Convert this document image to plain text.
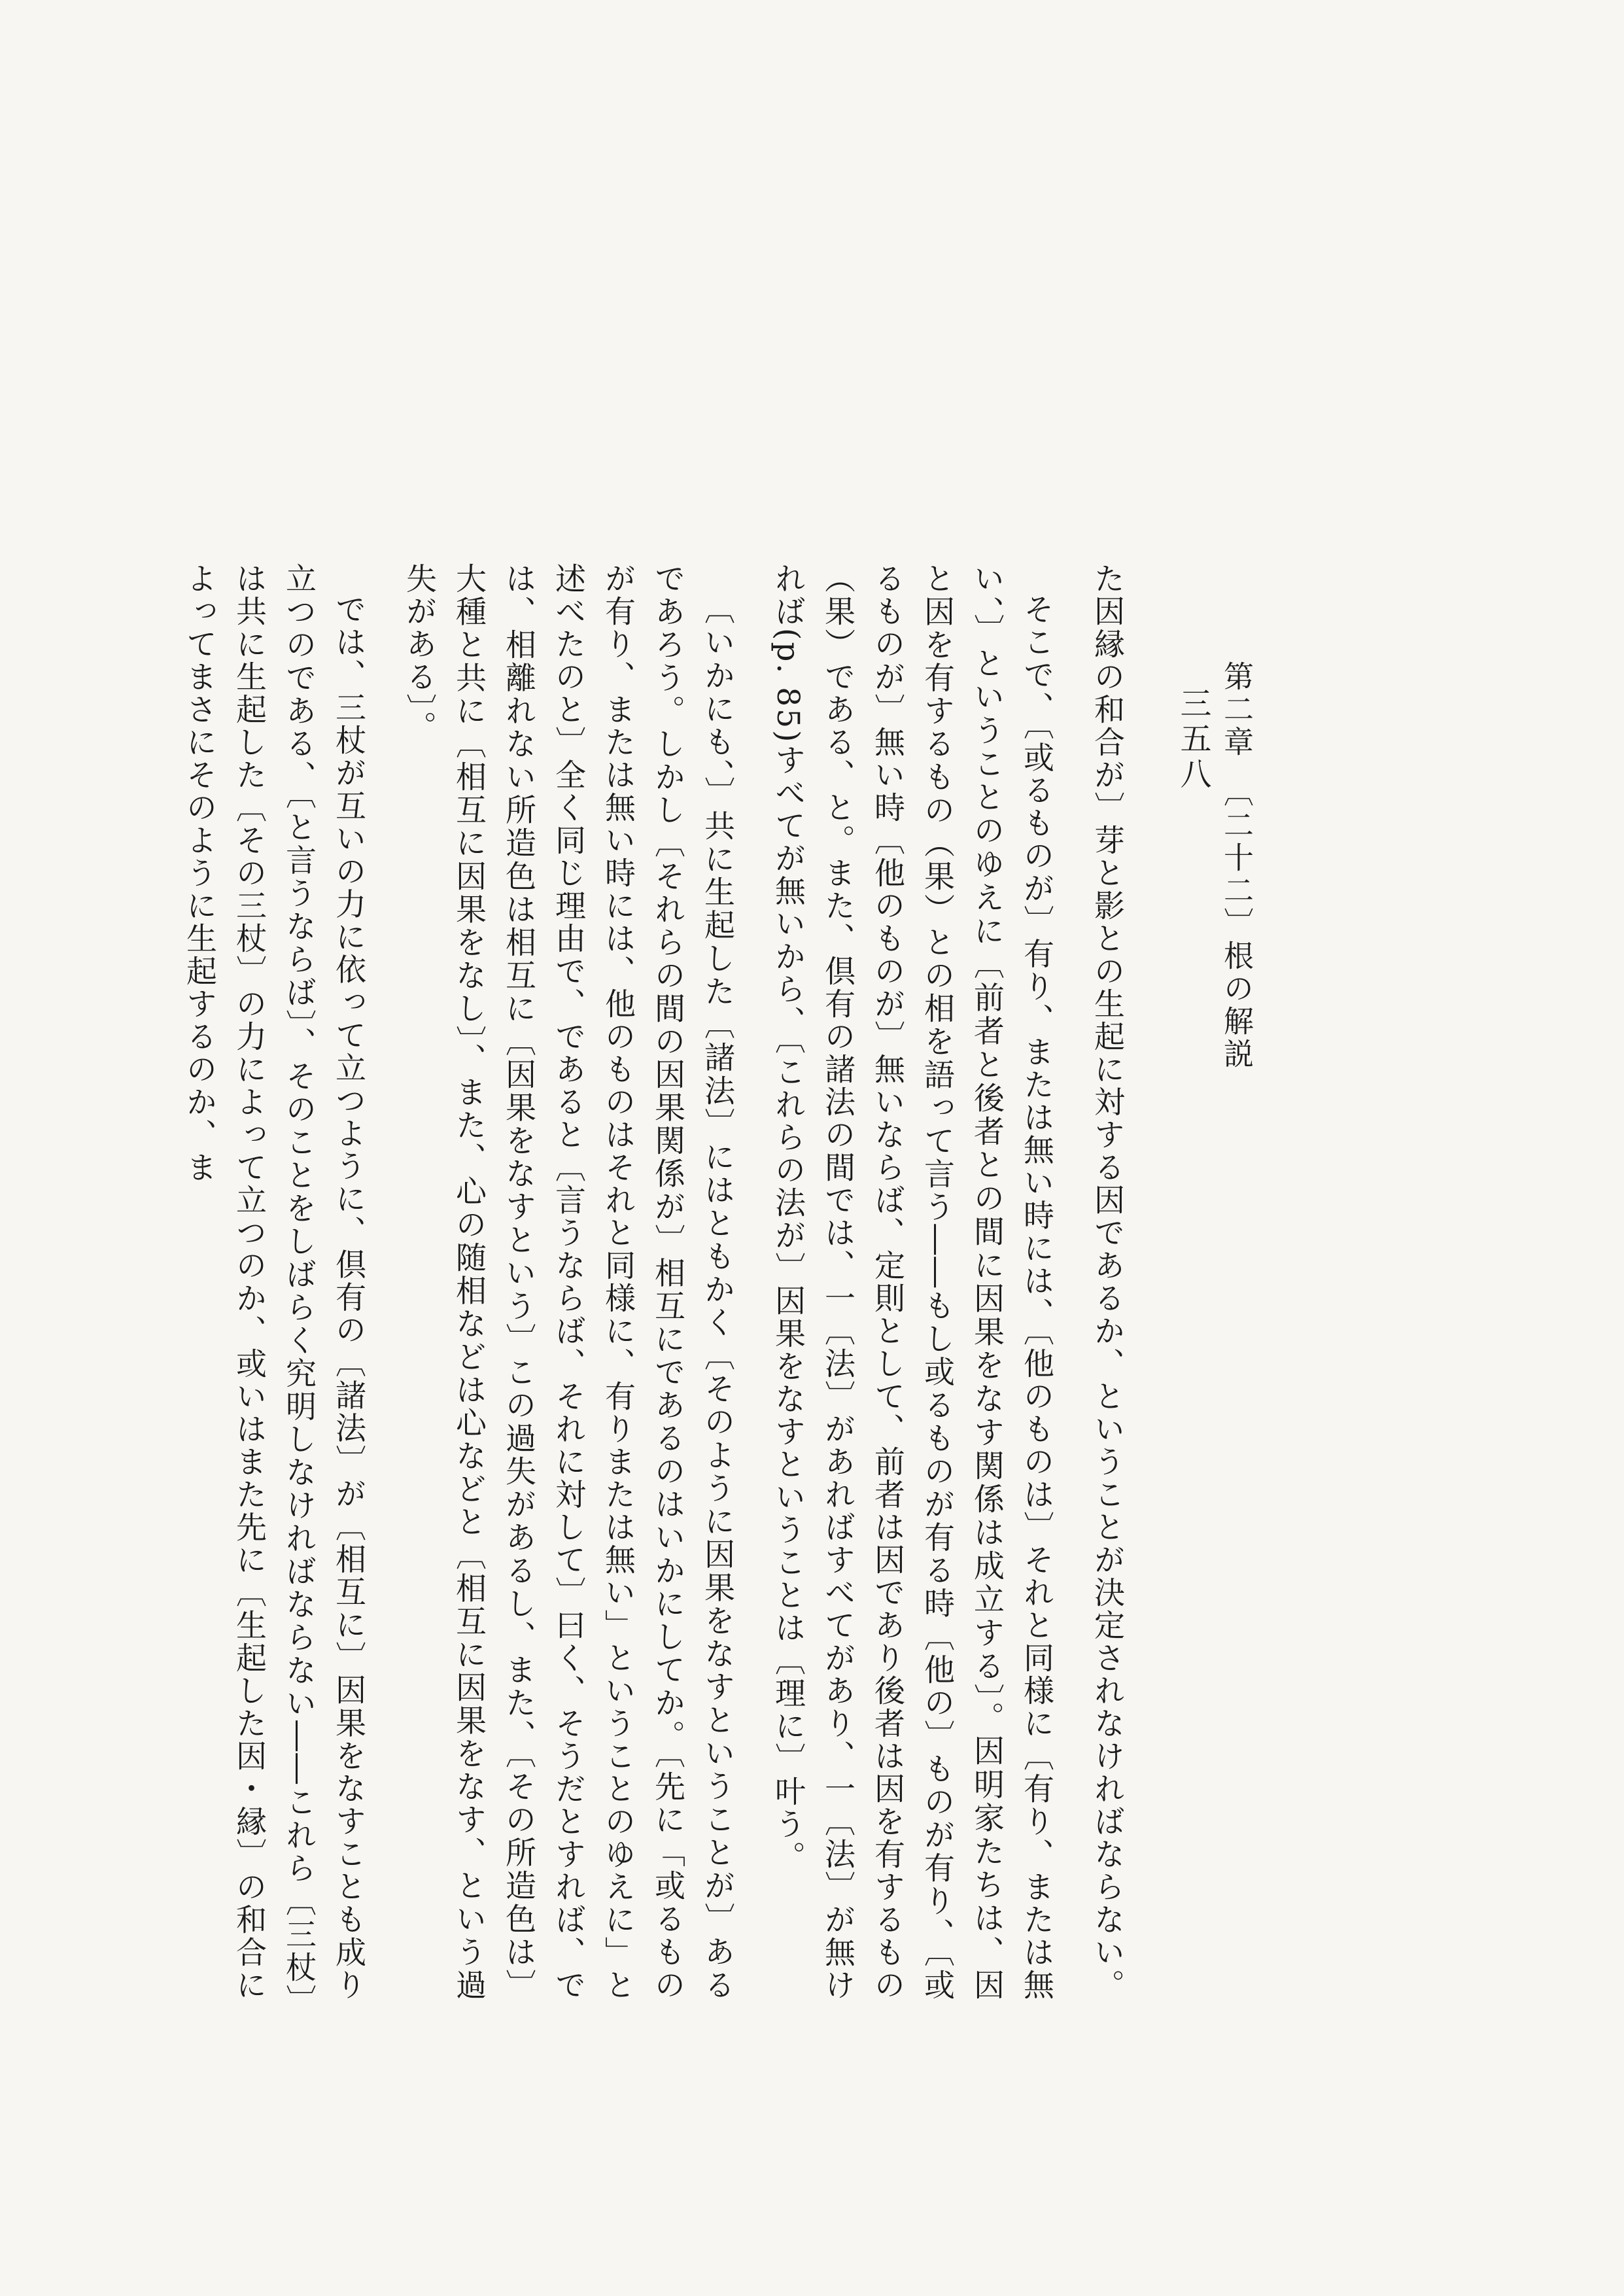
三五八 第二章　〔二十二〕根の解説

た因縁の和合が〕芽と影との生起に対する因であるか、ということが決定されなければならない。

そこで、〔或るものが〕有り、または無い時には、〔他のものは〕それと同様に〔有り、または無い、〕ということのゆえに〔前者と後者との間に因果をなす関係は成立する〕。因明家たちは、因と因を有するもの（果）との相を語って言う――もし或るものが有る時〔他の〕ものが有り、〔或るものが〕無い時〔他のものが〕無いならば、定則として、前者は因であり後者は因を有するもの（果）である、と。また、倶有の諸法の間では、一〔法〕があればすべてがあり、一〔法〕が無ければ(p. 85)すべてが無いから、〔これらの法が〕因果をなすということは〔理に〕叶う。

〔いかにも、〕共に生起した〔諸法〕にはともかく〔そのように因果をなすということが〕あるであろう。しかし〔それらの間の因果関係が〕相互にであるのはいかにしてか。〔先に「或るものが有り、または無い時には、他のものはそれと同様に、有りまたは無い」ということのゆえに」と述べたのと〕全く同じ理由で、であると〔言うならば、それに対して〕曰く、そうだとすれば、では、相離れない所造色は相互に〔因果をなすという〕この過失があるし、また、〔その所造色は〕大種と共に〔相互に因果をなし〕、また、心の随相などは心などと〔相互に因果をなす、という過失がある〕。

では、三杖が互いの力に依って立つように、倶有の〔諸法〕が〔相互に〕因果をなすことも成り立つのである、〔と言うならば〕、そのことをしばらく究明しなければならない――これら〔三杖〕は共に生起した〔その三杖〕の力によって立つのか、或いはまた先に〔生起した因・縁〕の和合によってまさにそのように生起するのか、ま
